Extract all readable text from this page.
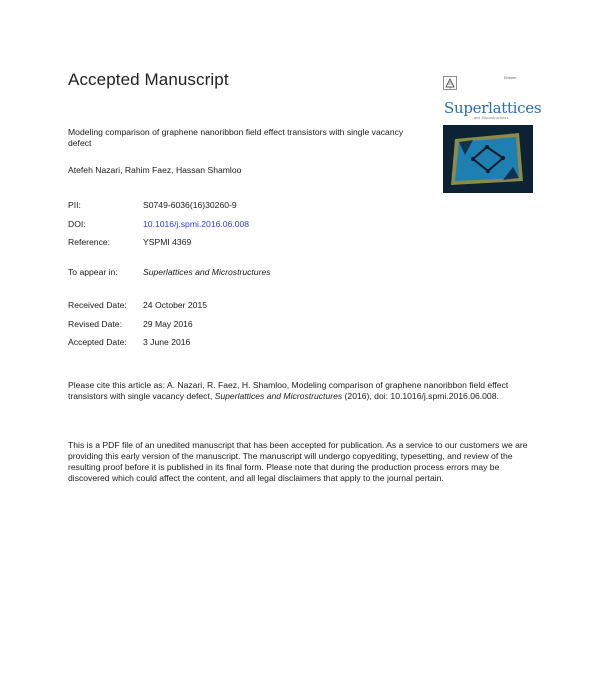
Accepted Manuscript	Elsevier
Superlattices
and Microstructures
Modeling comparison of graphene nanoribbon field effect transistors with single vacancy defect
Atefeh Nazari, Rahim Faez, Hassan Shamloo
PII:	S0749-6036(16)30260-9
DOI:	10.1016/j.spmi.2016.06.008
Reference:	YSPMI 4369
To appear in:	Superlattices and Microstructures
Received Date: 24 October 2015
Revised Date: 29 May 2016
Accepted Date: 3 June 2016
Please cite this article as: A. Nazari, R. Faez, H. Shamloo, Modeling comparison of graphene nanoribbon field effect transistors with single vacancy defect, Superlattices and Microstructures (2016), doi: 10.1016/j.spmi.2016.06.008.
This is a PDF file of an unedited manuscript that has been accepted for publication. As a service to our customers we are providing this early version of the manuscript. The manuscript will undergo copyediting, typesetting, and review of the resulting proof before it is published in its final form. Please note that during the production process errors may be discovered which could affect the content, and all legal disclaimers that apply to the journal pertain.
